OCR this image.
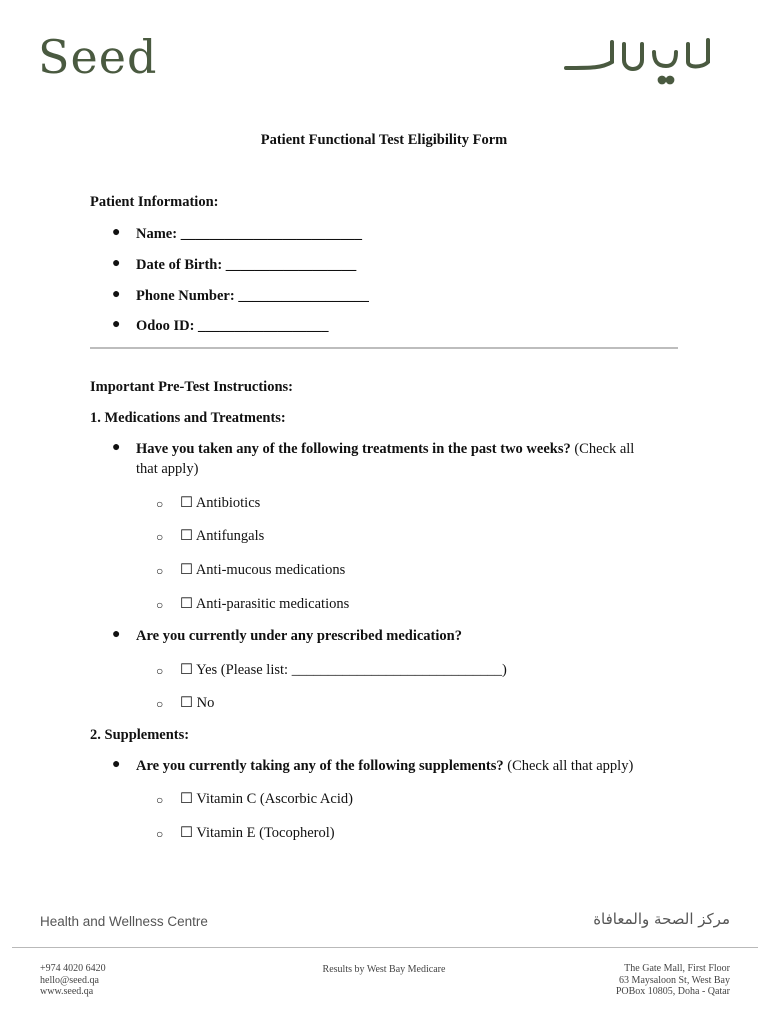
Seed
Patient Functional Test Eligibility Form
Patient Information:
● Name: _________________________
● Date of Birth: __________________
● Phone Number: __________________
● Odoo ID: __________________
Important Pre-Test Instructions:
1. Medications and Treatments:
● Have you taken any of the following treatments in the past two weeks? (Check all
that apply)
○ ☐ Antibiotics
○ ☐ Antifungals
○ ☐ Anti-mucous medications
○ ☐ Anti-parasitic medications
● Are you currently under any prescribed medication?
○ ☐ Yes (Please list: _____________________________)
○ ☐ No
2. Supplements:
● Are you currently taking any of the following supplements? (Check all that apply)
○ ☐ Vitamin C (Ascorbic Acid)
○ ☐ Vitamin E (Tocopherol)
Health and Wellness Centre	مركز الصحة والمعافاة
+974 4020 6420
hello@seed.qa
www.seed.qa
Results by West Bay Medicare	The Gate Mall, First Floor
63 Maysaloon St, West Bay
POBox 10805, Doha - Qatar
